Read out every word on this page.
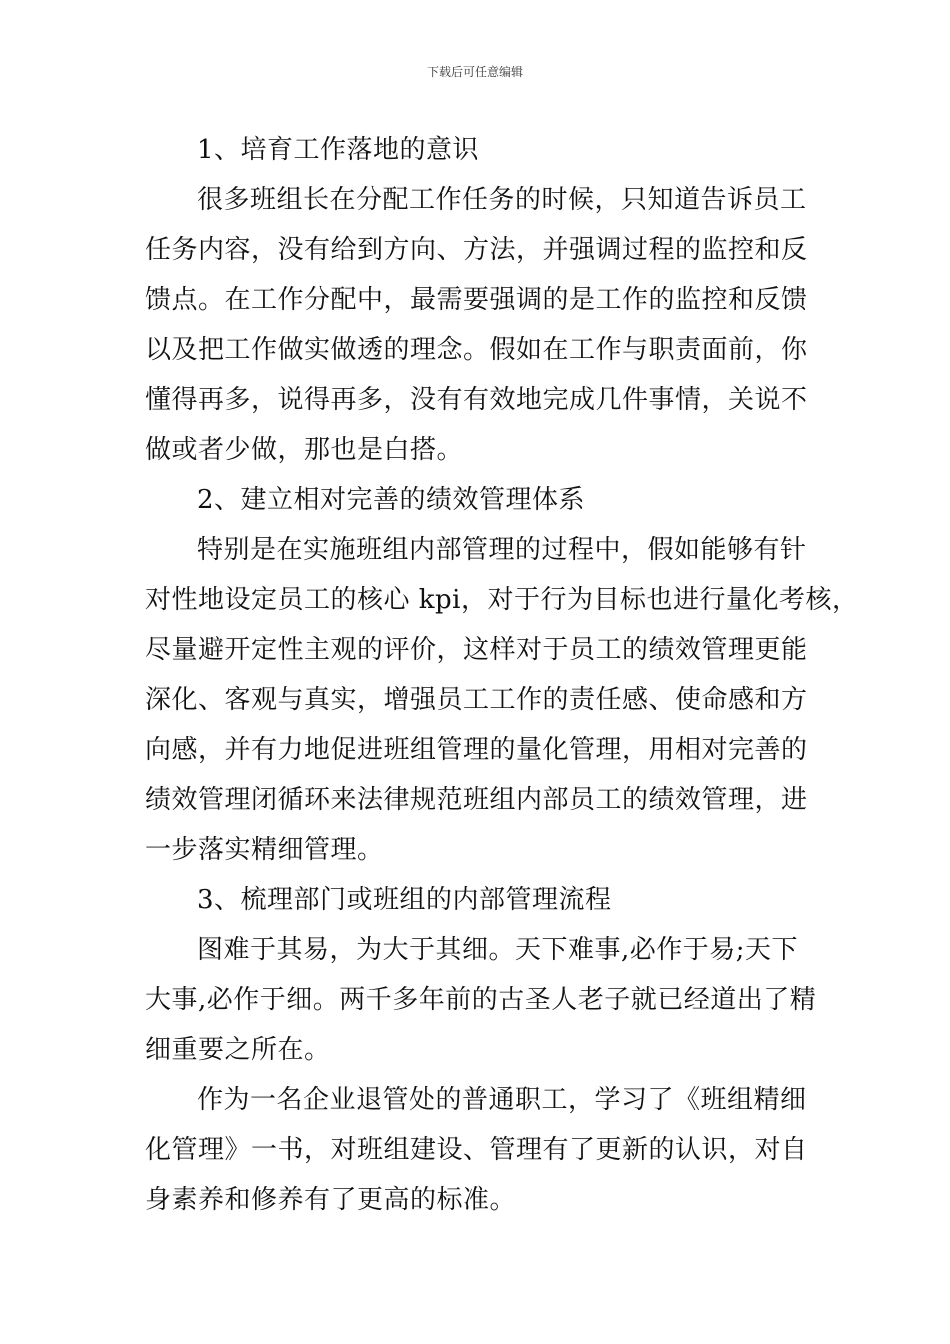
下载后可任意编辑
1、培育工作落地的意识
很多班组长在分配工作任务的时候，只知道告诉员工
任务内容，没有给到方向、方法，并强调过程的监控和反
馈点。在工作分配中，最需要强调的是工作的监控和反馈
以及把工作做实做透的理念。假如在工作与职责面前，你
懂得再多，说得再多，没有有效地完成几件事情，关说不
做或者少做，那也是白搭。
2、建立相对完善的绩效管理体系
特别是在实施班组内部管理的过程中，假如能够有针
对性地设定员工的核心 kpi，对于行为目标也进行量化考核，
尽量避开定性主观的评价，这样对于员工的绩效管理更能
深化、客观与真实，增强员工工作的责任感、使命感和方
向感，并有力地促进班组管理的量化管理，用相对完善的
绩效管理闭循环来法律规范班组内部员工的绩效管理，进
一步落实精细管理。
3、梳理部门或班组的内部管理流程
图难于其易，为大于其细。天下难事,必作于易;天下
大事,必作于细。两千多年前的古圣人老子就已经道出了精
细重要之所在。
作为一名企业退管处的普通职工，学习了《班组精细
化管理》一书，对班组建设、管理有了更新的认识，对自
身素养和修养有了更高的标准。
